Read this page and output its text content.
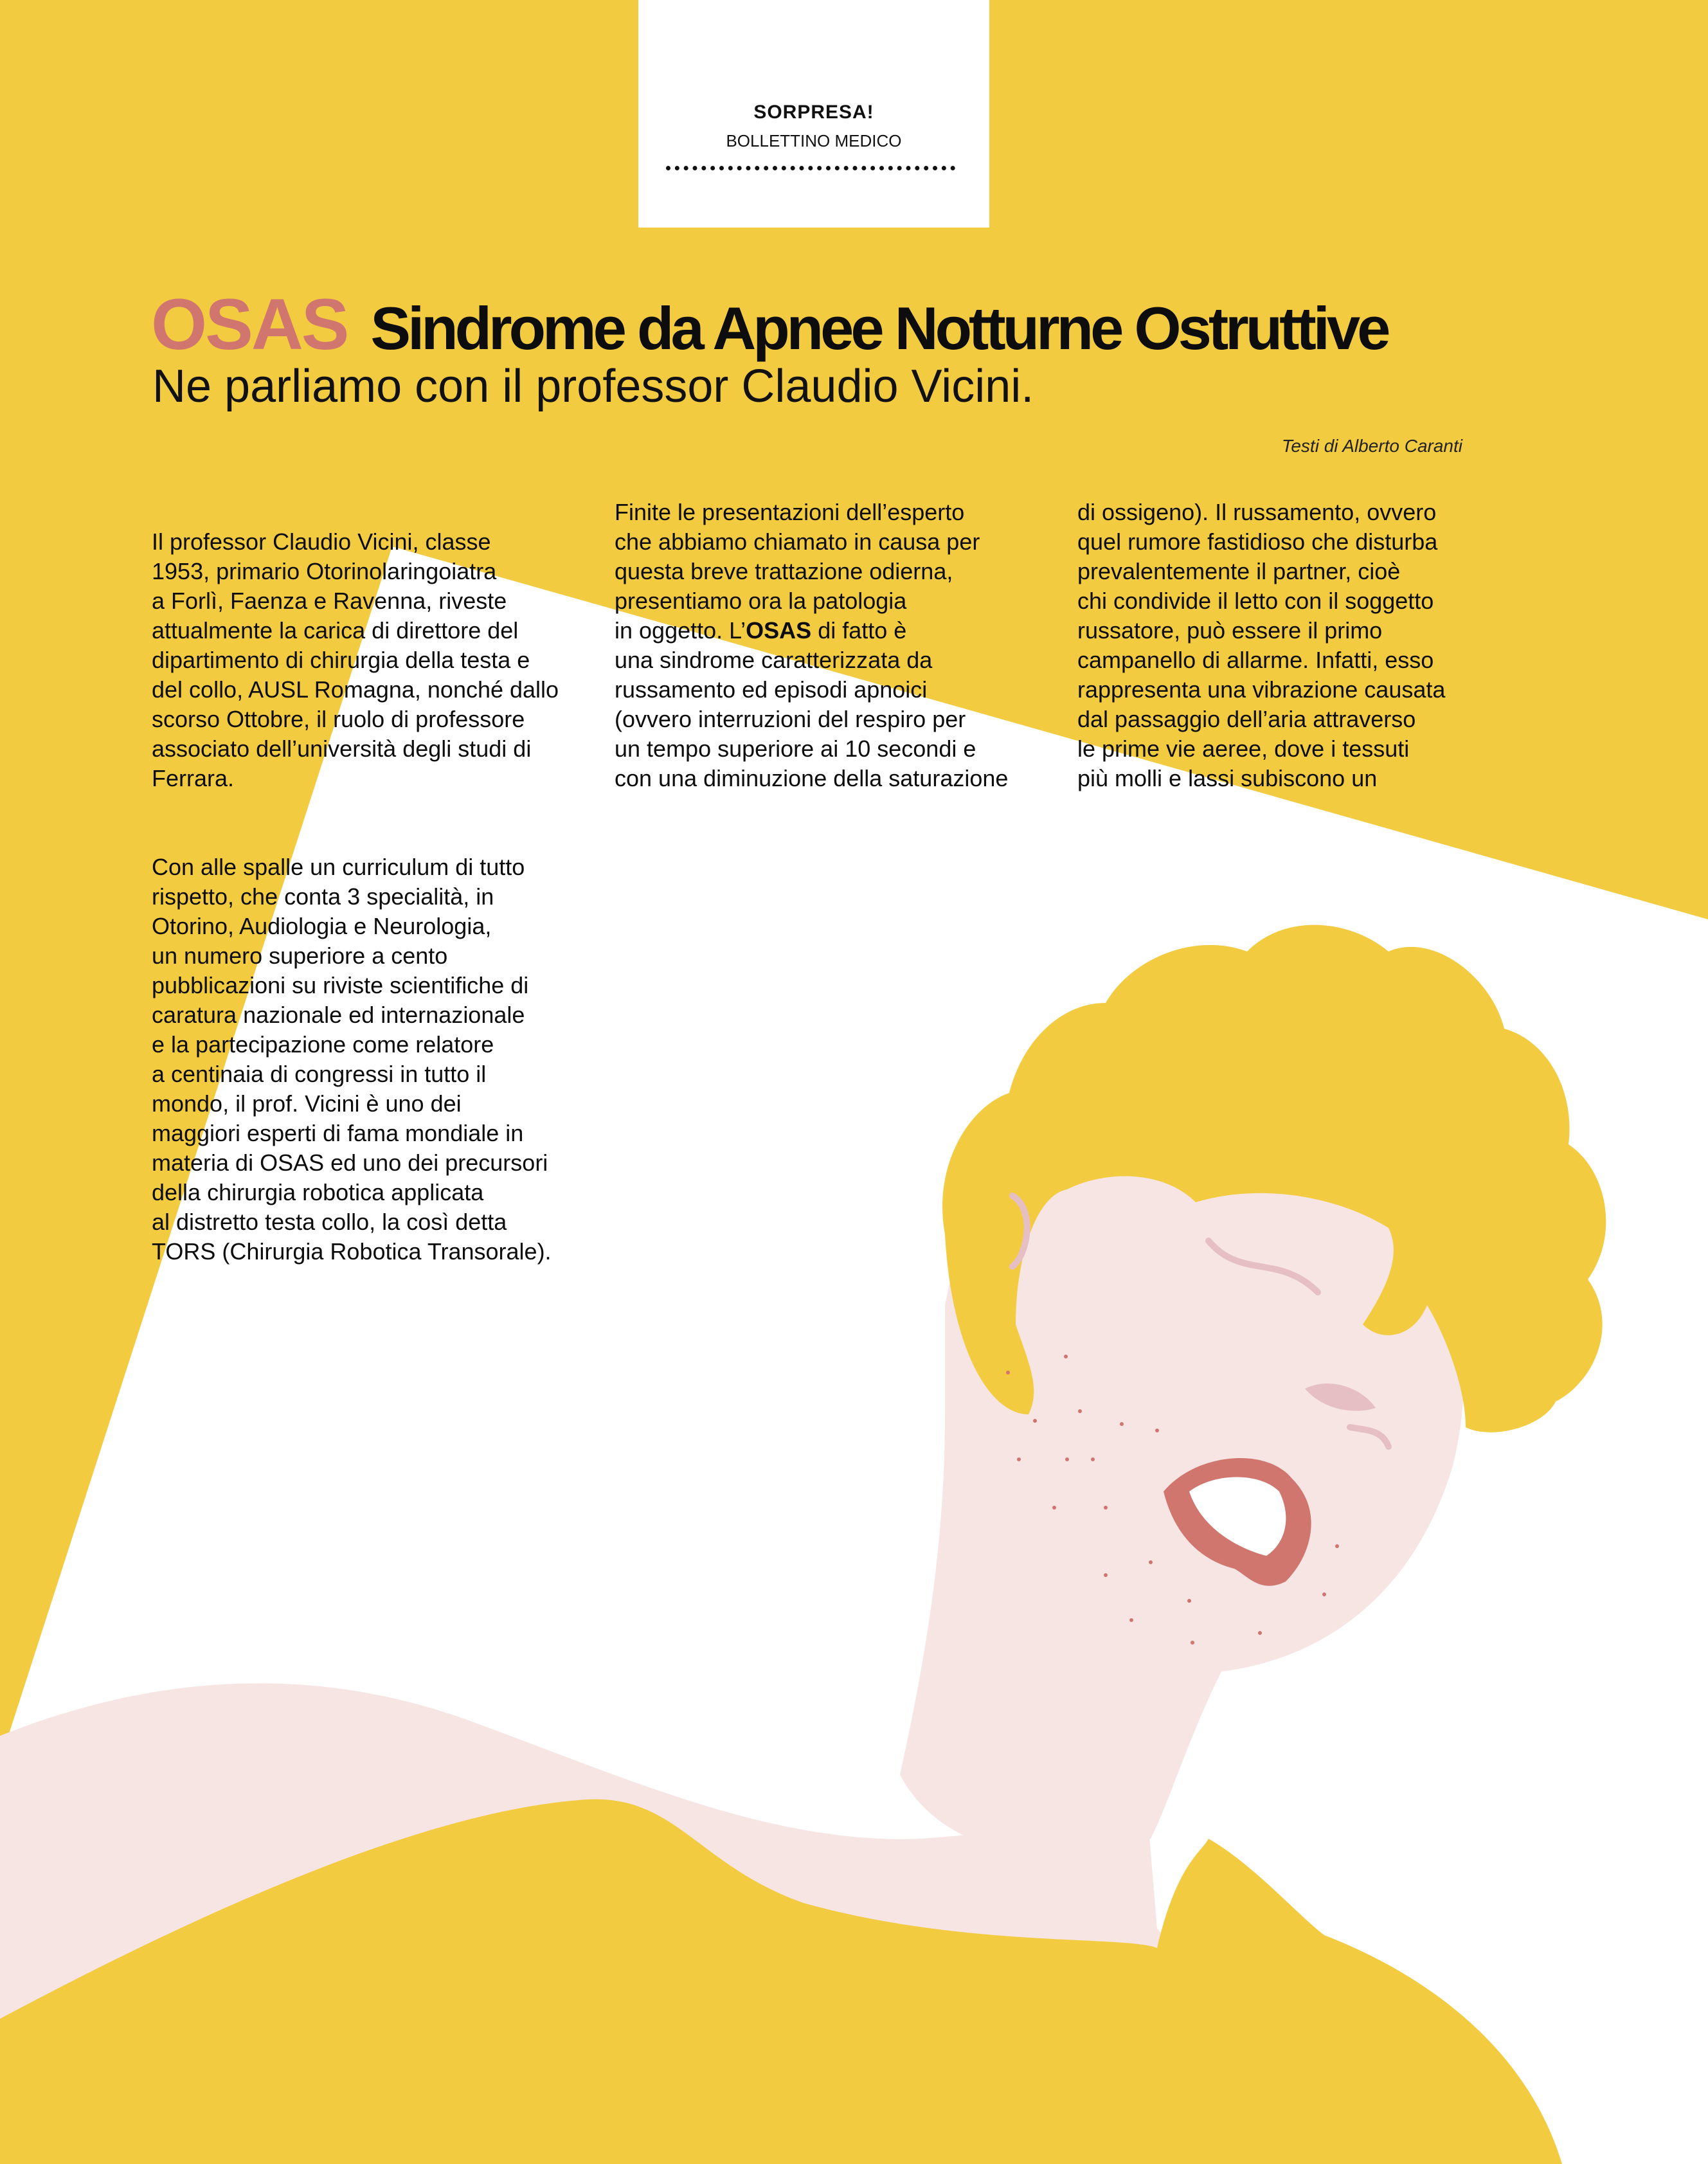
SORPRESA!
BOLLETTINO MEDICO
OSAS Sindrome da Apnee Notturne Ostruttive
Ne parliamo con il professor Claudio Vicini.
Testi di Alberto Caranti

Il professor Claudio Vicini, classe
1953, primario Otorinolaringoiatra
a Forlì, Faenza e Ravenna, riveste
attualmente la carica di direttore del
dipartimento di chirurgia della testa e
del collo, AUSL Romagna, nonché dallo
scorso Ottobre, il ruolo di professore
associato dell’università degli studi di
Ferrara.

Con alle spalle un curriculum di tutto
rispetto, che conta 3 specialità, in
Otorino, Audiologia e Neurologia,
un numero superiore a cento
pubblicazioni su riviste scientifiche di
caratura nazionale ed internazionale
e la partecipazione come relatore
a centinaia di congressi in tutto il
mondo, il prof. Vicini è uno dei
maggiori esperti di fama mondiale in
materia di OSAS ed uno dei precursori
della chirurgia robotica applicata
al distretto testa collo, la così detta
TORS (Chirurgia Robotica Transorale).

Finite le presentazioni dell’esperto
che abbiamo chiamato in causa per
questa breve trattazione odierna,
presentiamo ora la patologia
in oggetto. L’OSAS di fatto è
una sindrome caratterizzata da
russamento ed episodi apnoici
(ovvero interruzioni del respiro per
un tempo superiore ai 10 secondi e
con una diminuzione della saturazione
di ossigeno). Il russamento, ovvero
quel rumore fastidioso che disturba
prevalentemente il partner, cioè
chi condivide il letto con il soggetto
russatore, può essere il primo
campanello di allarme. Infatti, esso
rappresenta una vibrazione causata
dal passaggio dell’aria attraverso
le prime vie aeree, dove i tessuti
più molli e lassi subiscono un
